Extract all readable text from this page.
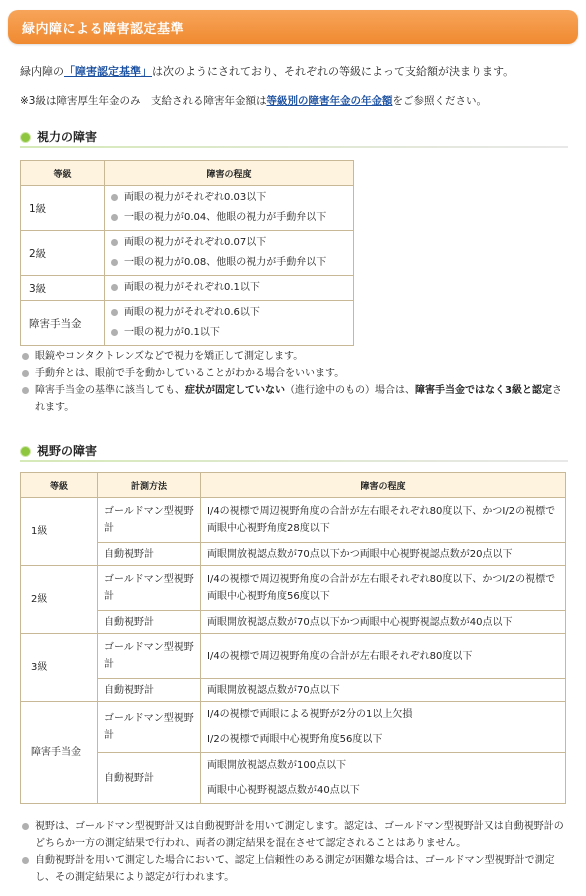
緑内障による障害認定基準
緑内障の「障害認定基準」は次のようにされており、それぞれの等級によって支給額が決まります。
※3級は障害厚生年金のみ　支給される障害年金額は等級別の障害年金の年金額をご参照ください。
視力の障害
等級	障害の程度
1級	両眼の視力がそれぞれ0.03以下
一眼の視力が0.04、他眼の視力が手動弁以下

2級	両眼の視力がそれぞれ0.07以下
一眼の視力が0.08、他眼の視力が手動弁以下

3級	両眼の視力がそれぞれ0.1以下

障害手当金	両眼の視力がそれぞれ0.6以下
一眼の視力が0.1以下
眼鏡やコンタクトレンズなどで視力を矯正して測定します。
手動弁とは、眼前で手を動かしていることがわかる場合をいいます。
障害手当金の基準に該当しても、症状が固定していない（進行途中のもの）場合は、障害手当金ではなく3級と認定されます。
視野の障害
等級	計測方法	障害の程度
1級	ゴールドマン型視野計	I/4の視標で周辺視野角度の合計が左右眼それぞれ80度以下、かつI/2の視標で両眼中心視野角度28度以下
	自動視野計	両眼開放視認点数が70点以下かつ両眼中心視野視認点数が20点以下
2級	ゴールドマン型視野計	I/4の視標で周辺視野角度の合計が左右眼それぞれ80度以下、かつI/2の視標で両眼中心視野角度56度以下
	自動視野計	両眼開放視認点数が70点以下かつ両眼中心視野視認点数が40点以下
3級	ゴールドマン型視野計	I/4の視標で周辺視野角度の合計が左右眼それぞれ80度以下
	自動視野計	両眼開放視認点数が70点以下
障害手当金	ゴールドマン型視野計	I/4の視標で両眼による視野が2分の1以上欠損
I/2の視標で両眼中心視野角度56度以下

	自動視野計	両眼開放視認点数が100点以下
両眼中心視野視認点数が40点以下
視野は、ゴールドマン型視野計又は自動視野計を用いて測定します。認定は、ゴールドマン型視野計又は自動視野計のどちらか一方の測定結果で行われ、両者の測定結果を混在させて認定されることはありません。
自動視野計を用いて測定した場合において、認定上信頼性のある測定が困難な場合は、ゴールドマン型視野計で測定し、その測定結果により認定が行われます。
